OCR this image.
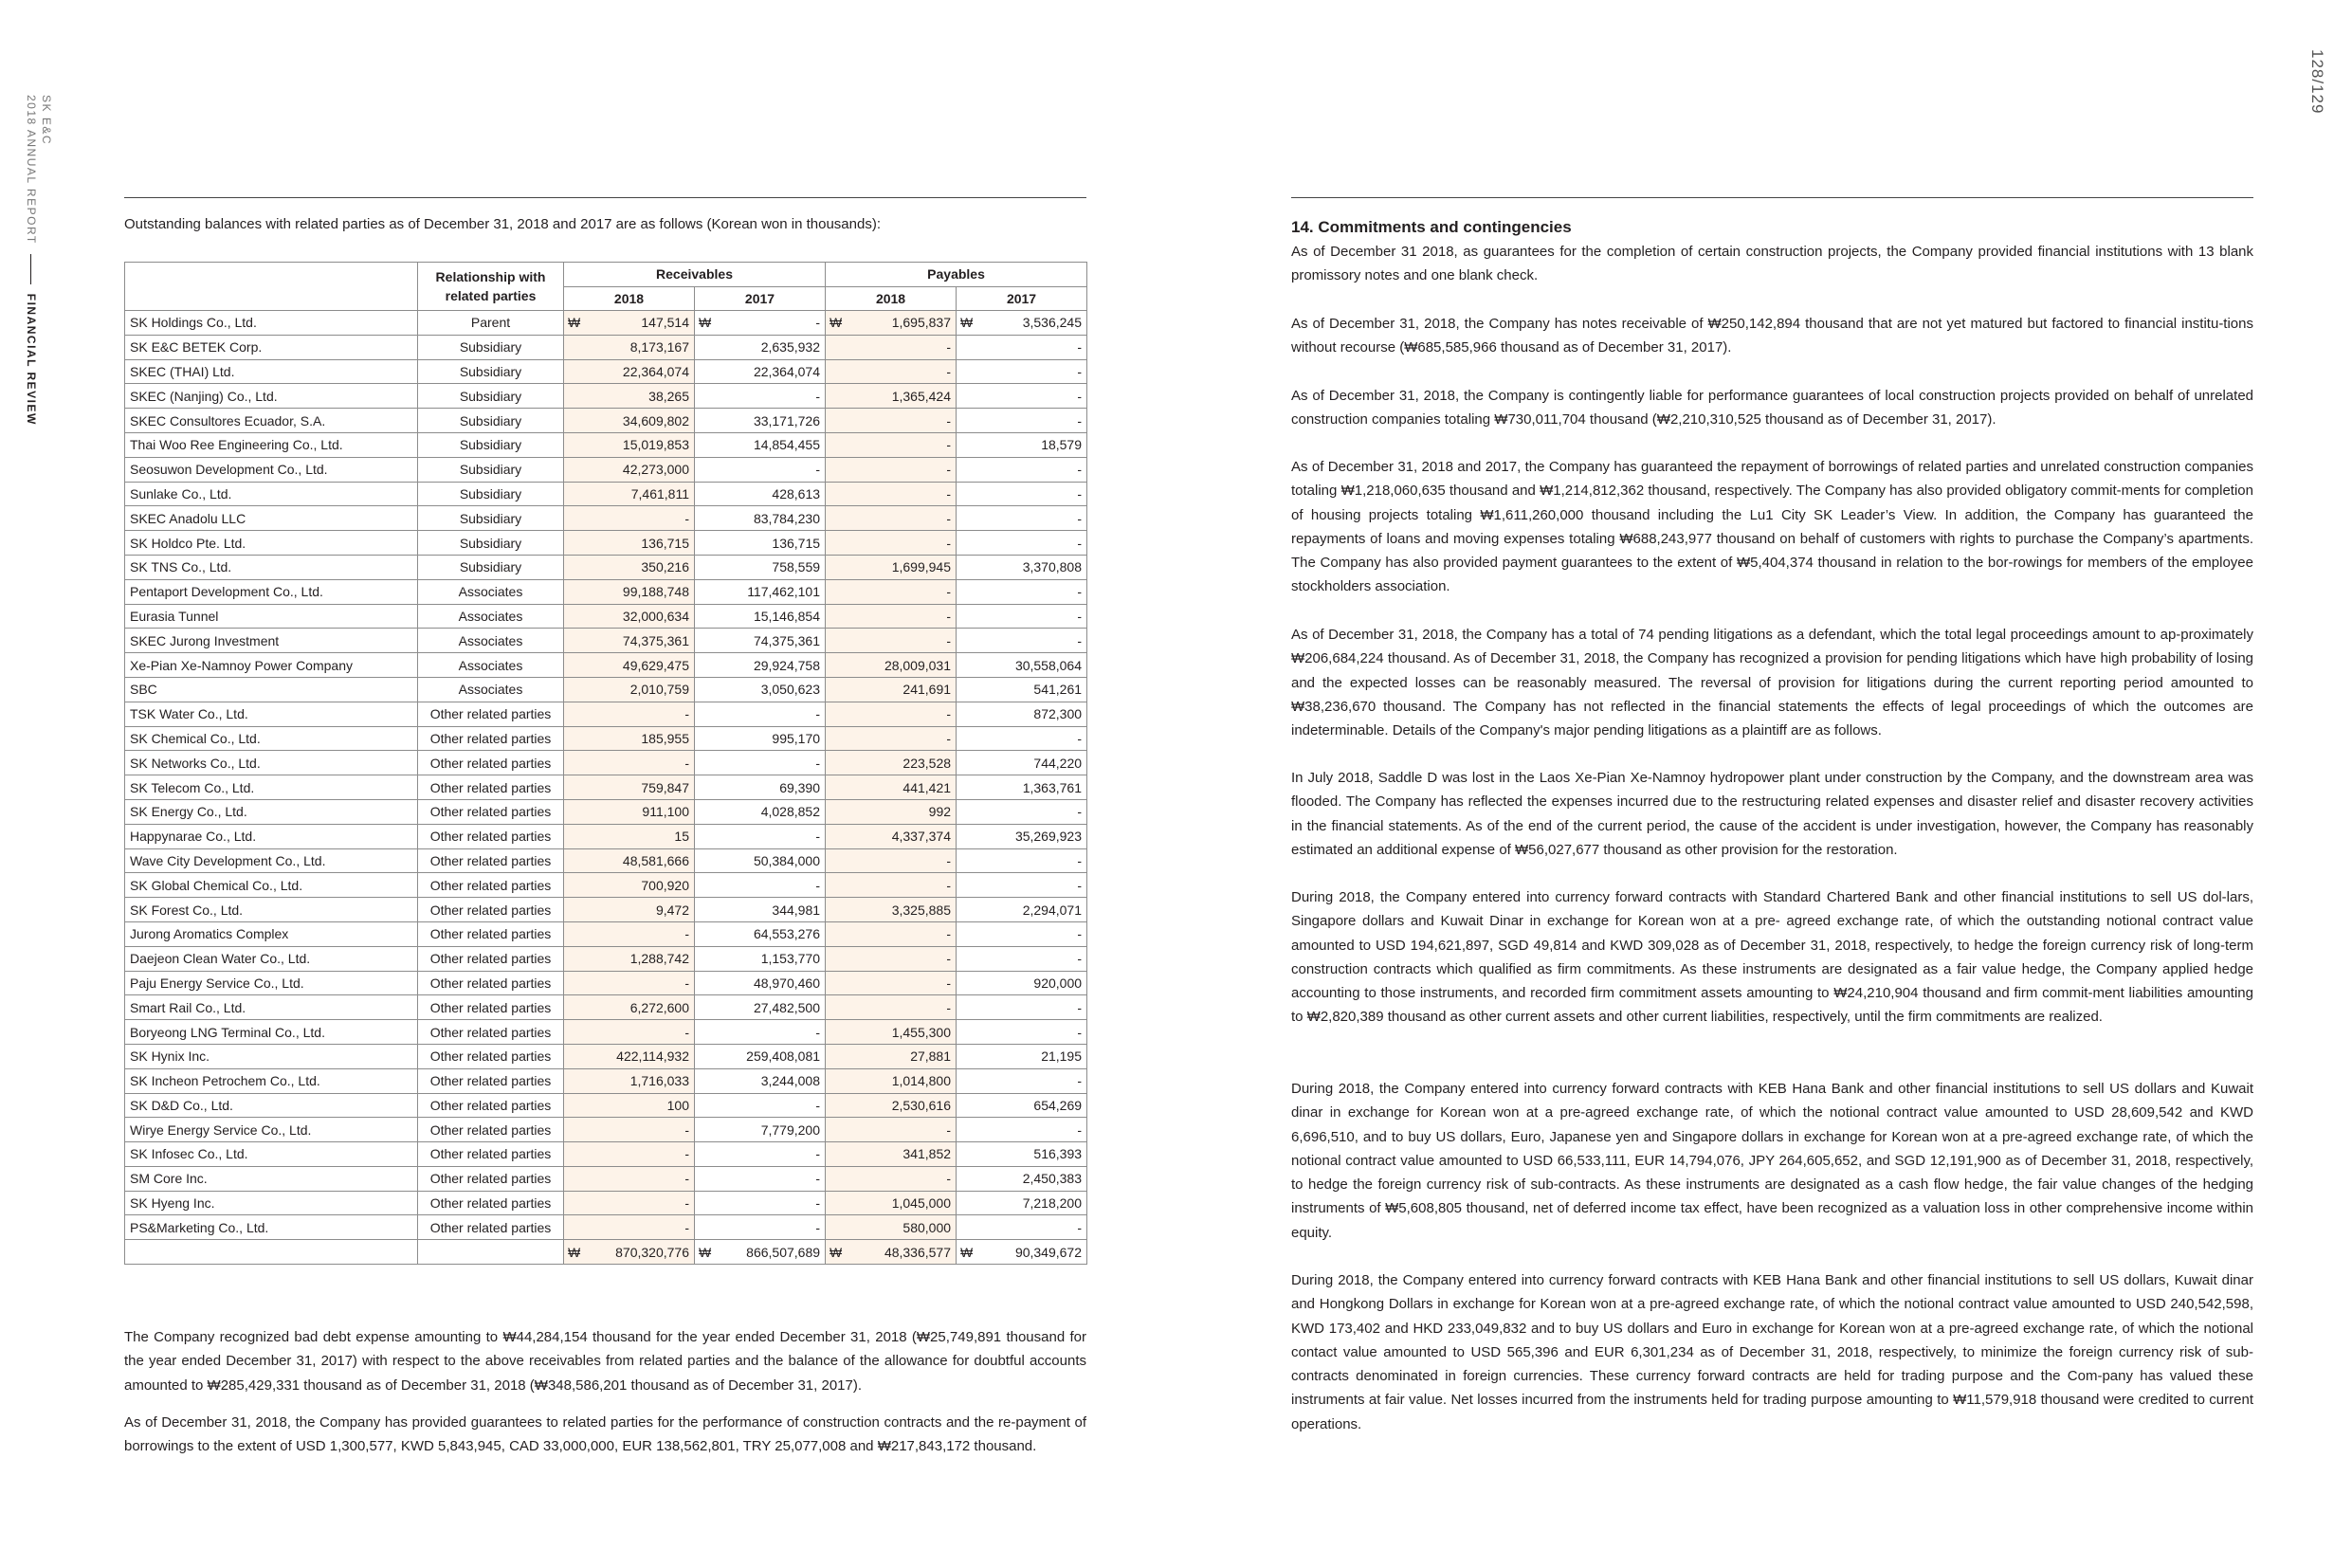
SK E&C
2018 ANNUAL REPORT
FINANCIAL REVIEW
128/129
Outstanding balances with related parties as of December 31, 2018 and 2017 are as follows (Korean won in thousands):
	Relationship with related parties	Receivables		Payables	
		2018	2017	2018	2017
SK Holdings Co., Ltd.	Parent	₩ 147,514	₩ -	₩ 1,695,837	₩ 3,536,245
SK E&C BETEK Corp.	Subsidiary	8,173,167	2,635,932	-	-
SKEC (THAI) Ltd.	Subsidiary	22,364,074	22,364,074	-	-
SKEC (Nanjing) Co., Ltd.	Subsidiary	38,265	-	1,365,424	-
SKEC Consultores Ecuador, S.A.	Subsidiary	34,609,802	33,171,726	-	-
Thai Woo Ree Engineering Co., Ltd.	Subsidiary	15,019,853	14,854,455	-	18,579
Seosuwon Development Co., Ltd.	Subsidiary	42,273,000	-	-	-
Sunlake Co., Ltd.	Subsidiary	7,461,811	428,613	-	-
SKEC Anadolu LLC	Subsidiary	-	83,784,230	-	-
SK Holdco Pte. Ltd.	Subsidiary	136,715	136,715	-	-
SK TNS Co., Ltd.	Subsidiary	350,216	758,559	1,699,945	3,370,808
Pentaport Development Co., Ltd.	Associates	99,188,748	117,462,101	-	-
Eurasia Tunnel	Associates	32,000,634	15,146,854	-	-
SKEC Jurong Investment	Associates	74,375,361	74,375,361	-	-
Xe-Pian Xe-Namnoy Power Company	Associates	49,629,475	29,924,758	28,009,031	30,558,064
SBC	Associates	2,010,759	3,050,623	241,691	541,261
TSK Water Co., Ltd.	Other related parties	-	-	-	872,300
SK Chemical Co., Ltd.	Other related parties	185,955	995,170	-	-
SK Networks Co., Ltd.	Other related parties	-	-	223,528	744,220
SK Telecom Co., Ltd.	Other related parties	759,847	69,390	441,421	1,363,761
SK Energy Co., Ltd.	Other related parties	911,100	4,028,852	992	-
Happynarae Co., Ltd.	Other related parties	15	-	4,337,374	35,269,923
Wave City Development Co., Ltd.	Other related parties	48,581,666	50,384,000	-	-
SK Global Chemical Co., Ltd.	Other related parties	700,920	-	-	-
SK Forest Co., Ltd.	Other related parties	9,472	344,981	3,325,885	2,294,071
Jurong Aromatics Complex	Other related parties	-	64,553,276	-	-
Daejeon Clean Water Co., Ltd.	Other related parties	1,288,742	1,153,770	-	-
Paju Energy Service Co., Ltd.	Other related parties	-	48,970,460	-	920,000
Smart Rail Co., Ltd.	Other related parties	6,272,600	27,482,500	-	-
Boryeong LNG Terminal Co., Ltd.	Other related parties	-	-	1,455,300	-
SK Hynix Inc.	Other related parties	422,114,932	259,408,081	27,881	21,195
SK Incheon Petrochem Co., Ltd.	Other related parties	1,716,033	3,244,008	1,014,800	-
SK D&D Co., Ltd.	Other related parties	100	-	2,530,616	654,269
Wirye Energy Service Co., Ltd.	Other related parties	-	7,779,200	-	-
SK Infosec Co., Ltd.	Other related parties	-	-	341,852	516,393
SM Core Inc.	Other related parties	-	-	-	2,450,383
SK Hyeng Inc.	Other related parties	-	-	1,045,000	7,218,200
PS&Marketing Co., Ltd.	Other related parties	-	-	580,000	-

		₩ 870,320,776	₩ 866,507,689	₩ 48,336,577	₩ 90,349,672
The Company recognized bad debt expense amounting to ₩44,284,154 thousand for the year ended December 31, 2018 (₩25,749,891 thousand for the year ended December 31, 2017) with respect to the above receivables from related parties and the balance of the allowance for doubtful accounts amounted to ₩285,429,331 thousand as of December 31, 2018 (₩348,586,201 thousand as of December 31, 2017).
As of December 31, 2018, the Company has provided guarantees to related parties for the performance of construction contracts and the re-payment of borrowings to the extent of USD 1,300,577, KWD 5,843,945, CAD 33,000,000, EUR 138,562,801, TRY 25,077,008 and ₩217,843,172 thousand.
14. Commitments and contingencies
As of December 31 2018, as guarantees for the completion of certain construction projects, the Company provided financial institutions with 13 blank promissory notes and one blank check.
As of December 31, 2018, the Company has notes receivable of ₩250,142,894 thousand that are not yet matured but factored to financial institu-tions without recourse (₩685,585,966 thousand as of December 31, 2017).
As of December 31, 2018, the Company is contingently liable for performance guarantees of local construction projects provided on behalf of unrelated construction companies totaling ₩730,011,704 thousand (₩2,210,310,525 thousand as of December 31, 2017).
As of December 31, 2018 and 2017, the Company has guaranteed the repayment of borrowings of related parties and unrelated construction companies totaling ₩1,218,060,635 thousand and ₩1,214,812,362 thousand, respectively. The Company has also provided obligatory commit-ments for completion of housing projects totaling ₩1,611,260,000 thousand including the Lu1 City SK Leader’s View. In addition, the Company has guaranteed the repayments of loans and moving expenses totaling ₩688,243,977 thousand on behalf of customers with rights to purchase the Company’s apartments. The Company has also provided payment guarantees to the extent of ₩5,404,374 thousand in relation to the bor-rowings for members of the employee stockholders association.
As of December 31, 2018, the Company has a total of 74 pending litigations as a defendant, which the total legal proceedings amount to ap-proximately ₩206,684,224 thousand. As of December 31, 2018, the Company has recognized a provision for pending litigations which have high probability of losing and the expected losses can be reasonably measured. The reversal of provision for litigations during the current reporting period amounted to ₩38,236,670 thousand. The Company has not reflected in the financial statements the effects of legal proceedings of which the outcomes are indeterminable. Details of the Company's major pending litigations as a plaintiff are as follows.
In July 2018, Saddle D was lost in the Laos Xe-Pian Xe-Namnoy hydropower plant under construction by the Company, and the downstream area was flooded. The Company has reflected the expenses incurred due to the restructuring related expenses and disaster relief and disaster recovery activities in the financial statements. As of the end of the current period, the cause of the accident is under investigation, however, the Company has reasonably estimated an additional expense of ₩56,027,677 thousand as other provision for the restoration.
During 2018, the Company entered into currency forward contracts with Standard Chartered Bank and other financial institutions to sell US dol-lars, Singapore dollars and Kuwait Dinar in exchange for Korean won at a pre- agreed exchange rate, of which the outstanding notional contract value amounted to USD 194,621,897, SGD 49,814 and KWD 309,028 as of December 31, 2018, respectively, to hedge the foreign currency risk of long-term construction contracts which qualified as firm commitments. As these instruments are designated as a fair value hedge, the Company applied hedge accounting to those instruments, and recorded firm commitment assets amounting to ₩24,210,904 thousand and firm commit-ment liabilities amounting to ₩2,820,389 thousand as other current assets and other current liabilities, respectively, until the firm commitments are realized.
During 2018, the Company entered into currency forward contracts with KEB Hana Bank and other financial institutions to sell US dollars and Kuwait dinar in exchange for Korean won at a pre-agreed exchange rate, of which the notional contract value amounted to USD 28,609,542 and KWD 6,696,510, and to buy US dollars, Euro, Japanese yen and Singapore dollars in exchange for Korean won at a pre-agreed exchange rate, of which the notional contract value amounted to USD 66,533,111, EUR 14,794,076, JPY 264,605,652, and SGD 12,191,900 as of December 31, 2018, respectively, to hedge the foreign currency risk of sub-contracts. As these instruments are designated as a cash flow hedge, the fair value changes of the hedging instruments of ₩5,608,805 thousand, net of deferred income tax effect, have been recognized as a valuation loss in other comprehensive income within equity.
During 2018, the Company entered into currency forward contracts with KEB Hana Bank and other financial institutions to sell US dollars, Kuwait dinar and Hongkong Dollars in exchange for Korean won at a pre-agreed exchange rate, of which the notional contract value amounted to USD 240,542,598, KWD 173,402 and HKD 233,049,832 and to buy US dollars and Euro in exchange for Korean won at a pre-agreed exchange rate, of which the notional contact value amounted to USD 565,396 and EUR 6,301,234 as of December 31, 2018, respectively, to minimize the foreign currency risk of sub-contracts denominated in foreign currencies. These currency forward contracts are held for trading purpose and the Com-pany has valued these instruments at fair value. Net losses incurred from the instruments held for trading purpose amounting to ₩11,579,918 thousand were credited to current operations.
